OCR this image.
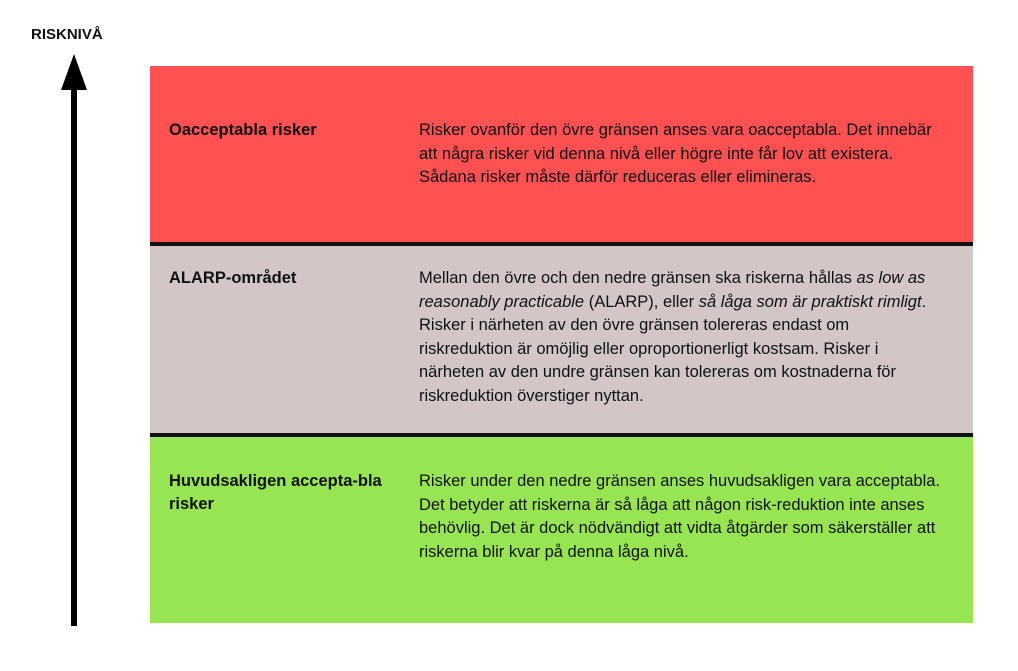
RISKNIVÅ
Oacceptabla risker	Risker ovanför den övre gränsen anses vara oacceptabla. Det innebär att några risker vid denna nivå eller högre inte får lov att existera. Sådana risker måste därför reduceras eller elimineras.
ALARP-området	Mellan den övre och den nedre gränsen ska riskerna hållas as low as reasonably practicable (ALARP), eller så låga som är praktiskt rimligt. Risker i närheten av den övre gränsen tolereras endast om riskreduktion är omöjlig eller oproportionerligt kostsam. Risker i närheten av den undre gränsen kan tolereras om kostnaderna för riskreduktion överstiger nyttan.
Huvudsakligen accepta-bla risker
Risker under den nedre gränsen anses huvudsakligen vara acceptabla. Det betyder att riskerna är så låga att någon risk-reduktion inte anses behövlig. Det är dock nödvändigt att vidta åtgärder som säkerställer att riskerna blir kvar på denna låga nivå.
